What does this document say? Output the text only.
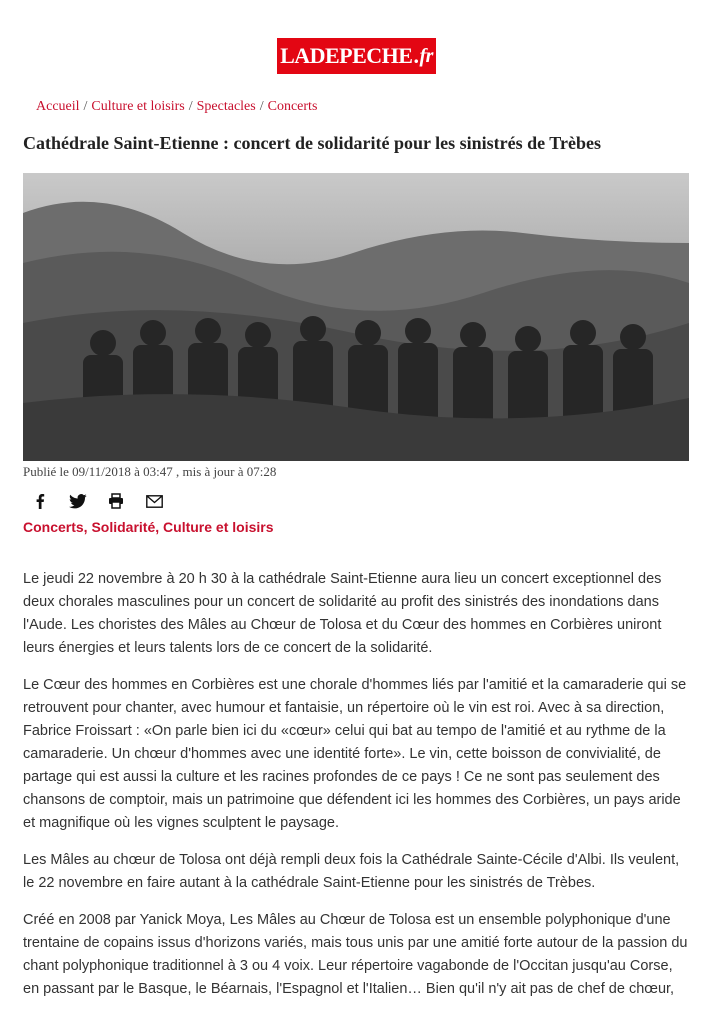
LADEPECHE . fr
Accueil / Culture et loisirs / Spectacles / Concerts
Cathédrale Saint-Etienne : concert de solidarité pour les sinistrés de Trèbes
Publié le 09/11/2018 à 03:47 , mis à jour à 07:28
Concerts, Solidarité, Culture et loisirs

Le jeudi 22 novembre à 20 h 30 à la cathédrale Saint-Etienne aura lieu un concert exceptionnel des deux chorales masculines pour un concert de solidarité au profit des sinistrés des inondations dans l'Aude. Les choristes des Mâles au Chœur de Tolosa et du Cœur des hommes en Corbières uniront leurs énergies et leurs talents lors de ce concert de la solidarité.

Le Cœur des hommes en Corbières est une chorale d'hommes liés par l'amitié et la camaraderie qui se retrouvent pour chanter, avec humour et fantaisie, un répertoire où le vin est roi. Avec à sa direction, Fabrice Froissart : «On parle bien ici du «cœur» celui qui bat au tempo de l'amitié et au rythme de la camaraderie. Un chœur d'hommes avec une identité forte». Le vin, cette boisson de convivialité, de partage qui est aussi la culture et les racines profondes de ce pays ! Ce ne sont pas seulement des chansons de comptoir, mais un patrimoine que défendent ici les hommes des Corbières, un pays aride et magnifique où les vignes sculptent le paysage.

Les Mâles au chœur de Tolosa ont déjà rempli deux fois la Cathédrale Sainte-Cécile d'Albi. Ils veulent, le 22 novembre en faire autant à la cathédrale Saint-Etienne pour les sinistrés de Trèbes.

Créé en 2008 par Yanick Moya, Les Mâles au Chœur de Tolosa est un ensemble polyphonique d'une trentaine de copains issus d'horizons variés, mais tous unis par une amitié forte autour de la passion du chant polyphonique traditionnel à 3 ou 4 voix. Leur répertoire vagabonde de l'Occitan jusqu'au Corse, en passant par le Basque, le Béarnais, l'Espagnol et l'Italien… Bien qu'il n'y ait pas de chef de chœur,
